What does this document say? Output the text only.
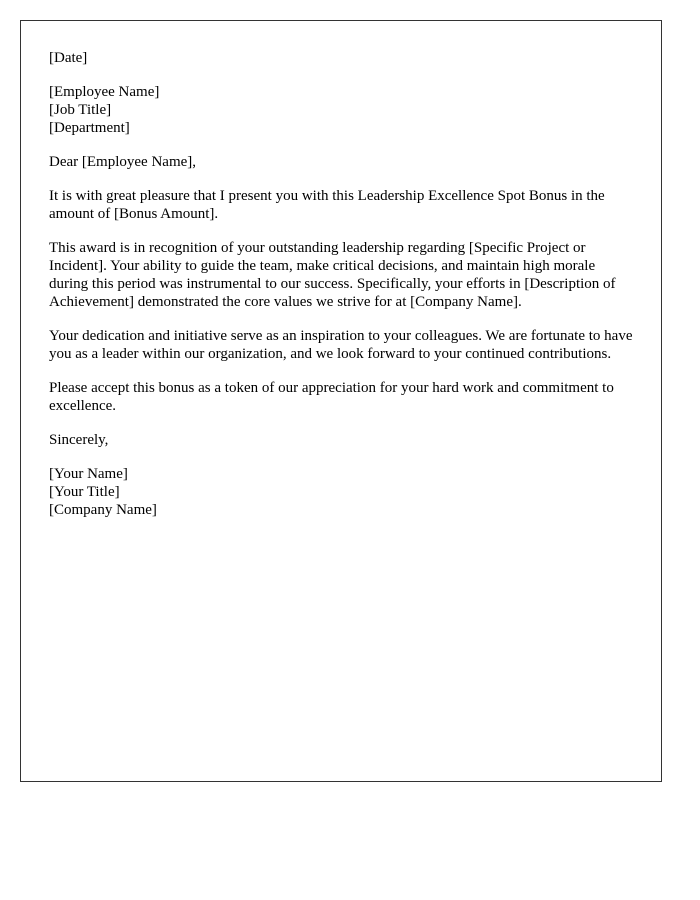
[Date]
[Employee Name]
[Job Title]
[Department]

Dear [Employee Name],

It is with great pleasure that I present you with this Leadership Excellence Spot Bonus in the amount of [Bonus Amount].

This award is in recognition of your outstanding leadership regarding [Specific Project or Incident]. Your ability to guide the team, make critical decisions, and maintain high morale during this period was instrumental to our success. Specifically, your efforts in [Description of Achievement] demonstrated the core values we strive for at [Company Name].

Your dedication and initiative serve as an inspiration to your colleagues. We are fortunate to have you as a leader within our organization, and we look forward to your continued contributions.

Please accept this bonus as a token of our appreciation for your hard work and commitment to excellence.

Sincerely,

[Your Name]
[Your Title]
[Company Name]
